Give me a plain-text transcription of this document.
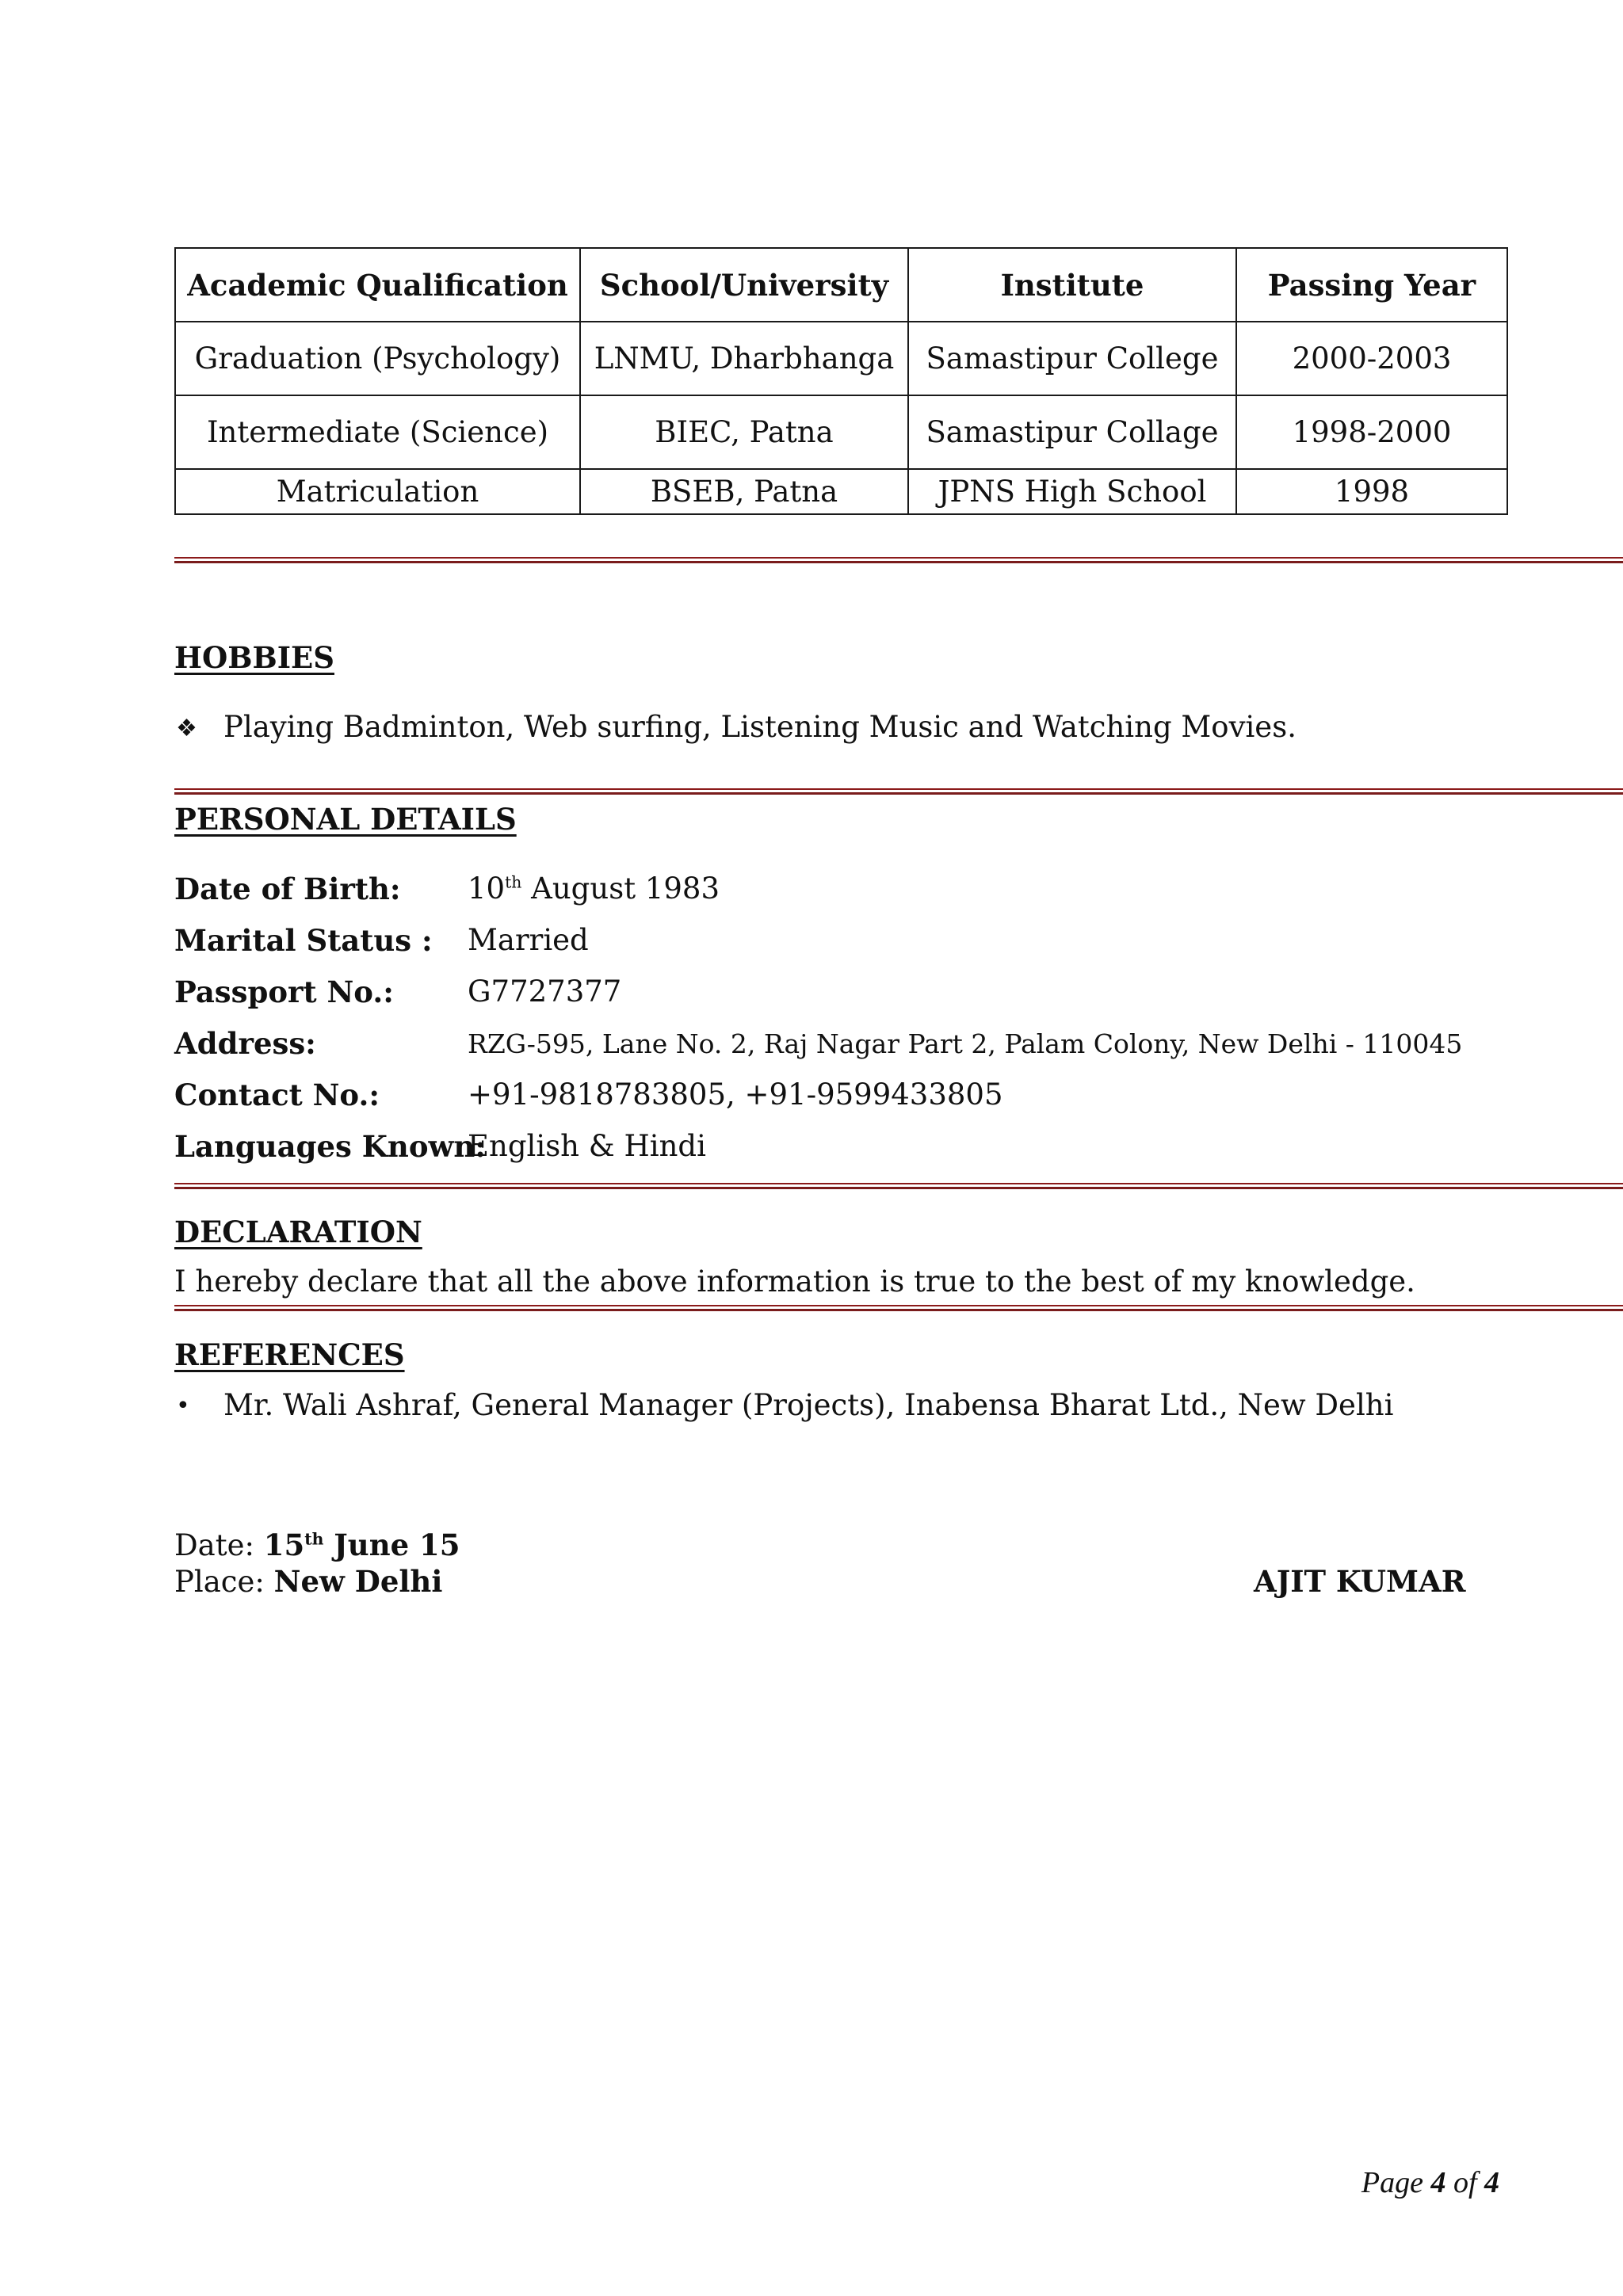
Academic Qualification	School/University	Institute	Passing Year
Graduation (Psychology)	LNMU, Dharbhanga	Samastipur College	2000-2003
Intermediate (Science)	BIEC, Patna	Samastipur Collage	1998-2000
Matriculation	BSEB, Patna	JPNS High School	1998
HOBBIES
❖ Playing Badminton, Web surfing, Listening Music and Watching Movies.
PERSONAL DETAILS
Date of Birth: 10th August 1983
Marital Status : Married
Passport No.:	G7727377
Address:	RZG-595, Lane No. 2, Raj Nagar Part 2, Palam Colony, New Delhi - 110045
Contact No.:	+91-9818783805, +91-9599433805
Languages Known:
English & Hindi
DECLARATION
I hereby declare that all the above information is true to the best of my knowledge.
REFERENCES
• Mr. Wali Ashraf, General Manager (Projects), Inabensa Bharat Ltd., New Delhi
Date: 15th June 15
Place: New Delhi	AJIT KUMAR
Page 4 of 4
